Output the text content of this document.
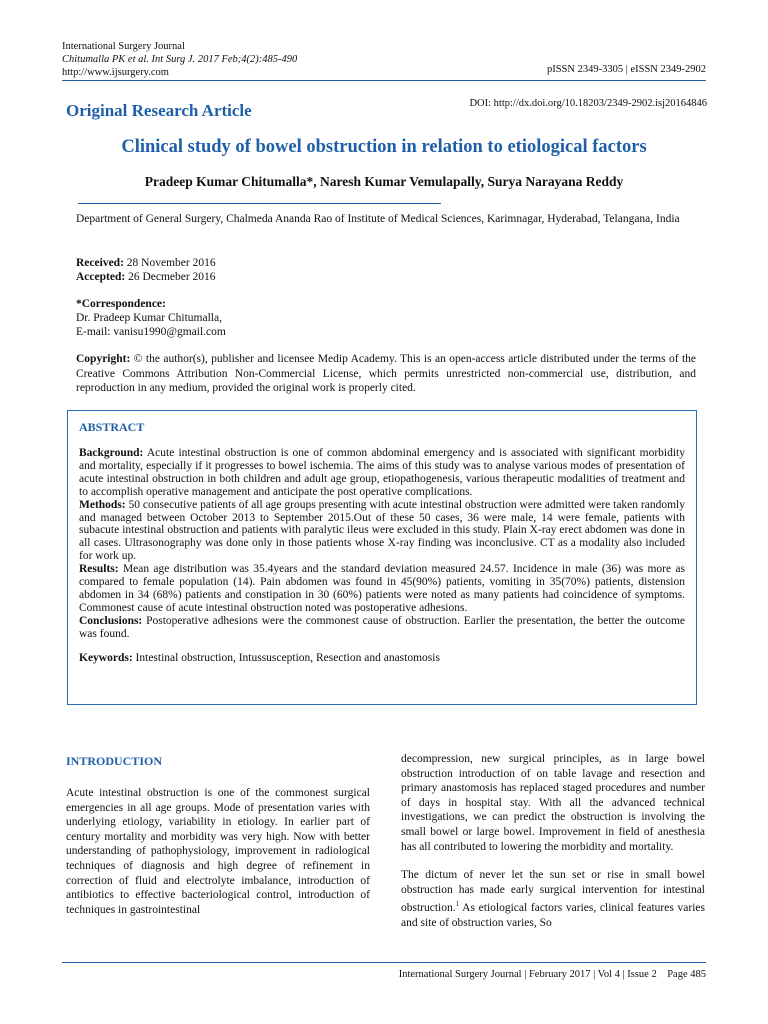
International Surgery Journal
Chitumalla PK et al. Int Surg J. 2017 Feb;4(2):485-490
http://www.ijsurgery.com	pISSN 2349-3305 | eISSN 2349-2902
Original Research Article	DOI: http://dx.doi.org/10.18203/2349-2902.isj20164846
Clinical study of bowel obstruction in relation to etiological factors
Pradeep Kumar Chitumalla*, Naresh Kumar Vemulapally, Surya Narayana Reddy
Department of General Surgery, Chalmeda Ananda Rao of Institute of Medical Sciences, Karimnagar, Hyderabad, Telangana, India
Received: 28 November 2016
Accepted: 26 Decmeber 2016
*Correspondence:
Dr. Pradeep Kumar Chitumalla,
E-mail: vanisu1990@gmail.com
Copyright: © the author(s), publisher and licensee Medip Academy. This is an open-access article distributed under the terms of the Creative Commons Attribution Non-Commercial License, which permits unrestricted non-commercial use, distribution, and reproduction in any medium, provided the original work is properly cited.
ABSTRACT

Background: Acute intestinal obstruction is one of common abdominal emergency and is associated with significant morbidity and mortality, especially if it progresses to bowel ischemia. The aims of this study was to analyse various modes of presentation of acute intestinal obstruction in both children and adult age group, etiopathogenesis, various therapeutic modalities of treatment and to accomplish operative management and anticipate the post operative complications.

Methods: 50 consecutive patients of all age groups presenting with acute intestinal obstruction were admitted were taken randomly and managed between October 2013 to September 2015.Out of these 50 cases, 36 were male, 14 were female, patients with subacute intestinal obstruction and patients with paralytic ileus were excluded in this study. Plain X-ray erect abdomen was done in all cases. Ultrasonography was done only in those patients whose X-ray finding was inconclusive. CT as a modality also included for work up.

Results: Mean age distribution was 35.4years and the standard deviation measured 24.57. Incidence in male (36) was more as compared to female population (14). Pain abdomen was found in 45(90%) patients, vomiting in 35(70%) patients, distension abdomen in 34 (68%) patients and constipation in 30 (60%) patients were noted as many patients had coincidence of symptoms. Commonest cause of acute intestinal obstruction noted was postoperative adhesions.

Conclusions: Postoperative adhesions were the commonest cause of obstruction. Earlier the presentation, the better the outcome was found.

Keywords: Intestinal obstruction, Intussusception, Resection and anastomosis

INTRODUCTION

Acute intestinal obstruction is one of the commonest surgical emergencies in all age groups. Mode of presentation varies with underlying etiology, variability in etiology. In earlier part of century mortality and morbidity was very high. Now with better understanding of pathophysiology, improvement in radiological techniques of diagnosis and high degree of refinement in correction of fluid and electrolyte imbalance, introduction of antibiotics to effective bacteriological control, introduction of techniques in gastrointestinal

decompression, new surgical principles, as in large bowel obstruction introduction of on table lavage and resection and primary anastomosis has replaced staged procedures and number of days in hospital stay. With all the advanced technical investigations, we can predict the obstruction is involving the small bowel or large bowel. Improvement in field of anesthesia has all contributed to lowering the morbidity and mortality.

The dictum of never let the sun set or rise in small bowel obstruction has made early surgical intervention for intestinal obstruction.$^1$ As etiological factors varies, clinical features varies and site of obstruction varies, So

International Surgery Journal | February 2017 | Vol 4 | Issue 2    Page 485
